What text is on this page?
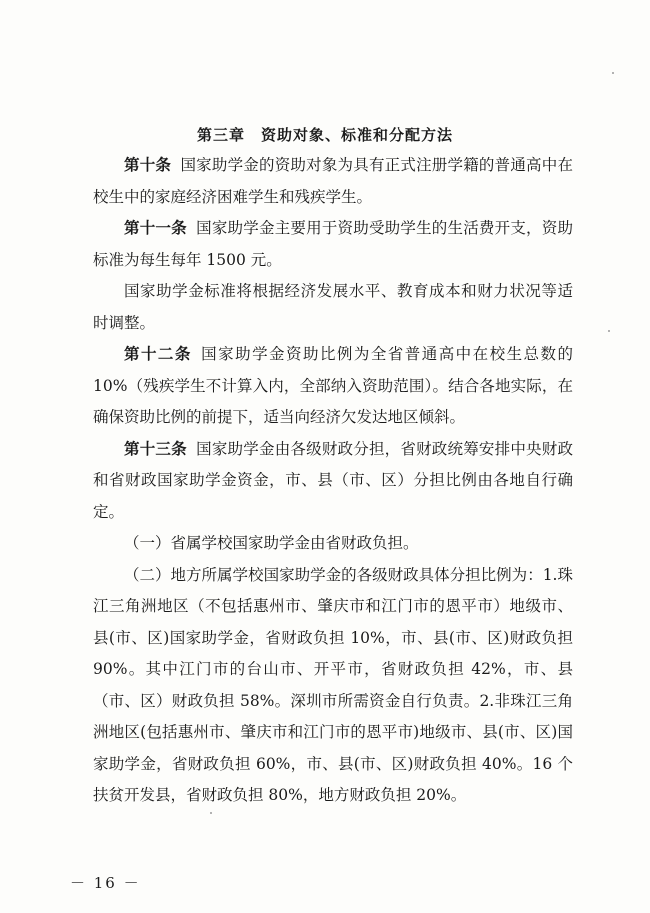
第三章　资助对象、标准和分配方法

第十条 国家助学金的资助对象为具有正式注册学籍的普通高中在校生中的家庭经济困难学生和残疾学生。

第十一条 国家助学金主要用于资助受助学生的生活费开支，资助标准为每生每年 1500 元。

国家助学金标准将根据经济发展水平、教育成本和财力状况等适时调整。

第十二条 国家助学金资助比例为全省普通高中在校生总数的 10%（残疾学生不计算入内，全部纳入资助范围）。结合各地实际，在确保资助比例的前提下，适当向经济欠发达地区倾斜。

第十三条 国家助学金由各级财政分担，省财政统筹安排中央财政和省财政国家助学金资金，市、县（市、区）分担比例由各地自行确定。

（一）省属学校国家助学金由省财政负担。

（二）地方所属学校国家助学金的各级财政具体分担比例为：1.珠江三角洲地区（不包括惠州市、肇庆市和江门市的恩平市）地级市、县(市、区)国家助学金，省财政负担 10%，市、县(市、区)财政负担 90%。其中江门市的台山市、开平市，省财政负担 42%，市、县（市、区）财政负担 58%。深圳市所需资金自行负责。2.非珠江三角洲地区(包括惠州市、肇庆市和江门市的恩平市)地级市、县(市、区)国家助学金，省财政负担 60%，市、县(市、区)财政负担 40%。16 个扶贫开发县，省财政负担 80%，地方财政负担 20%。

－ 16 －
